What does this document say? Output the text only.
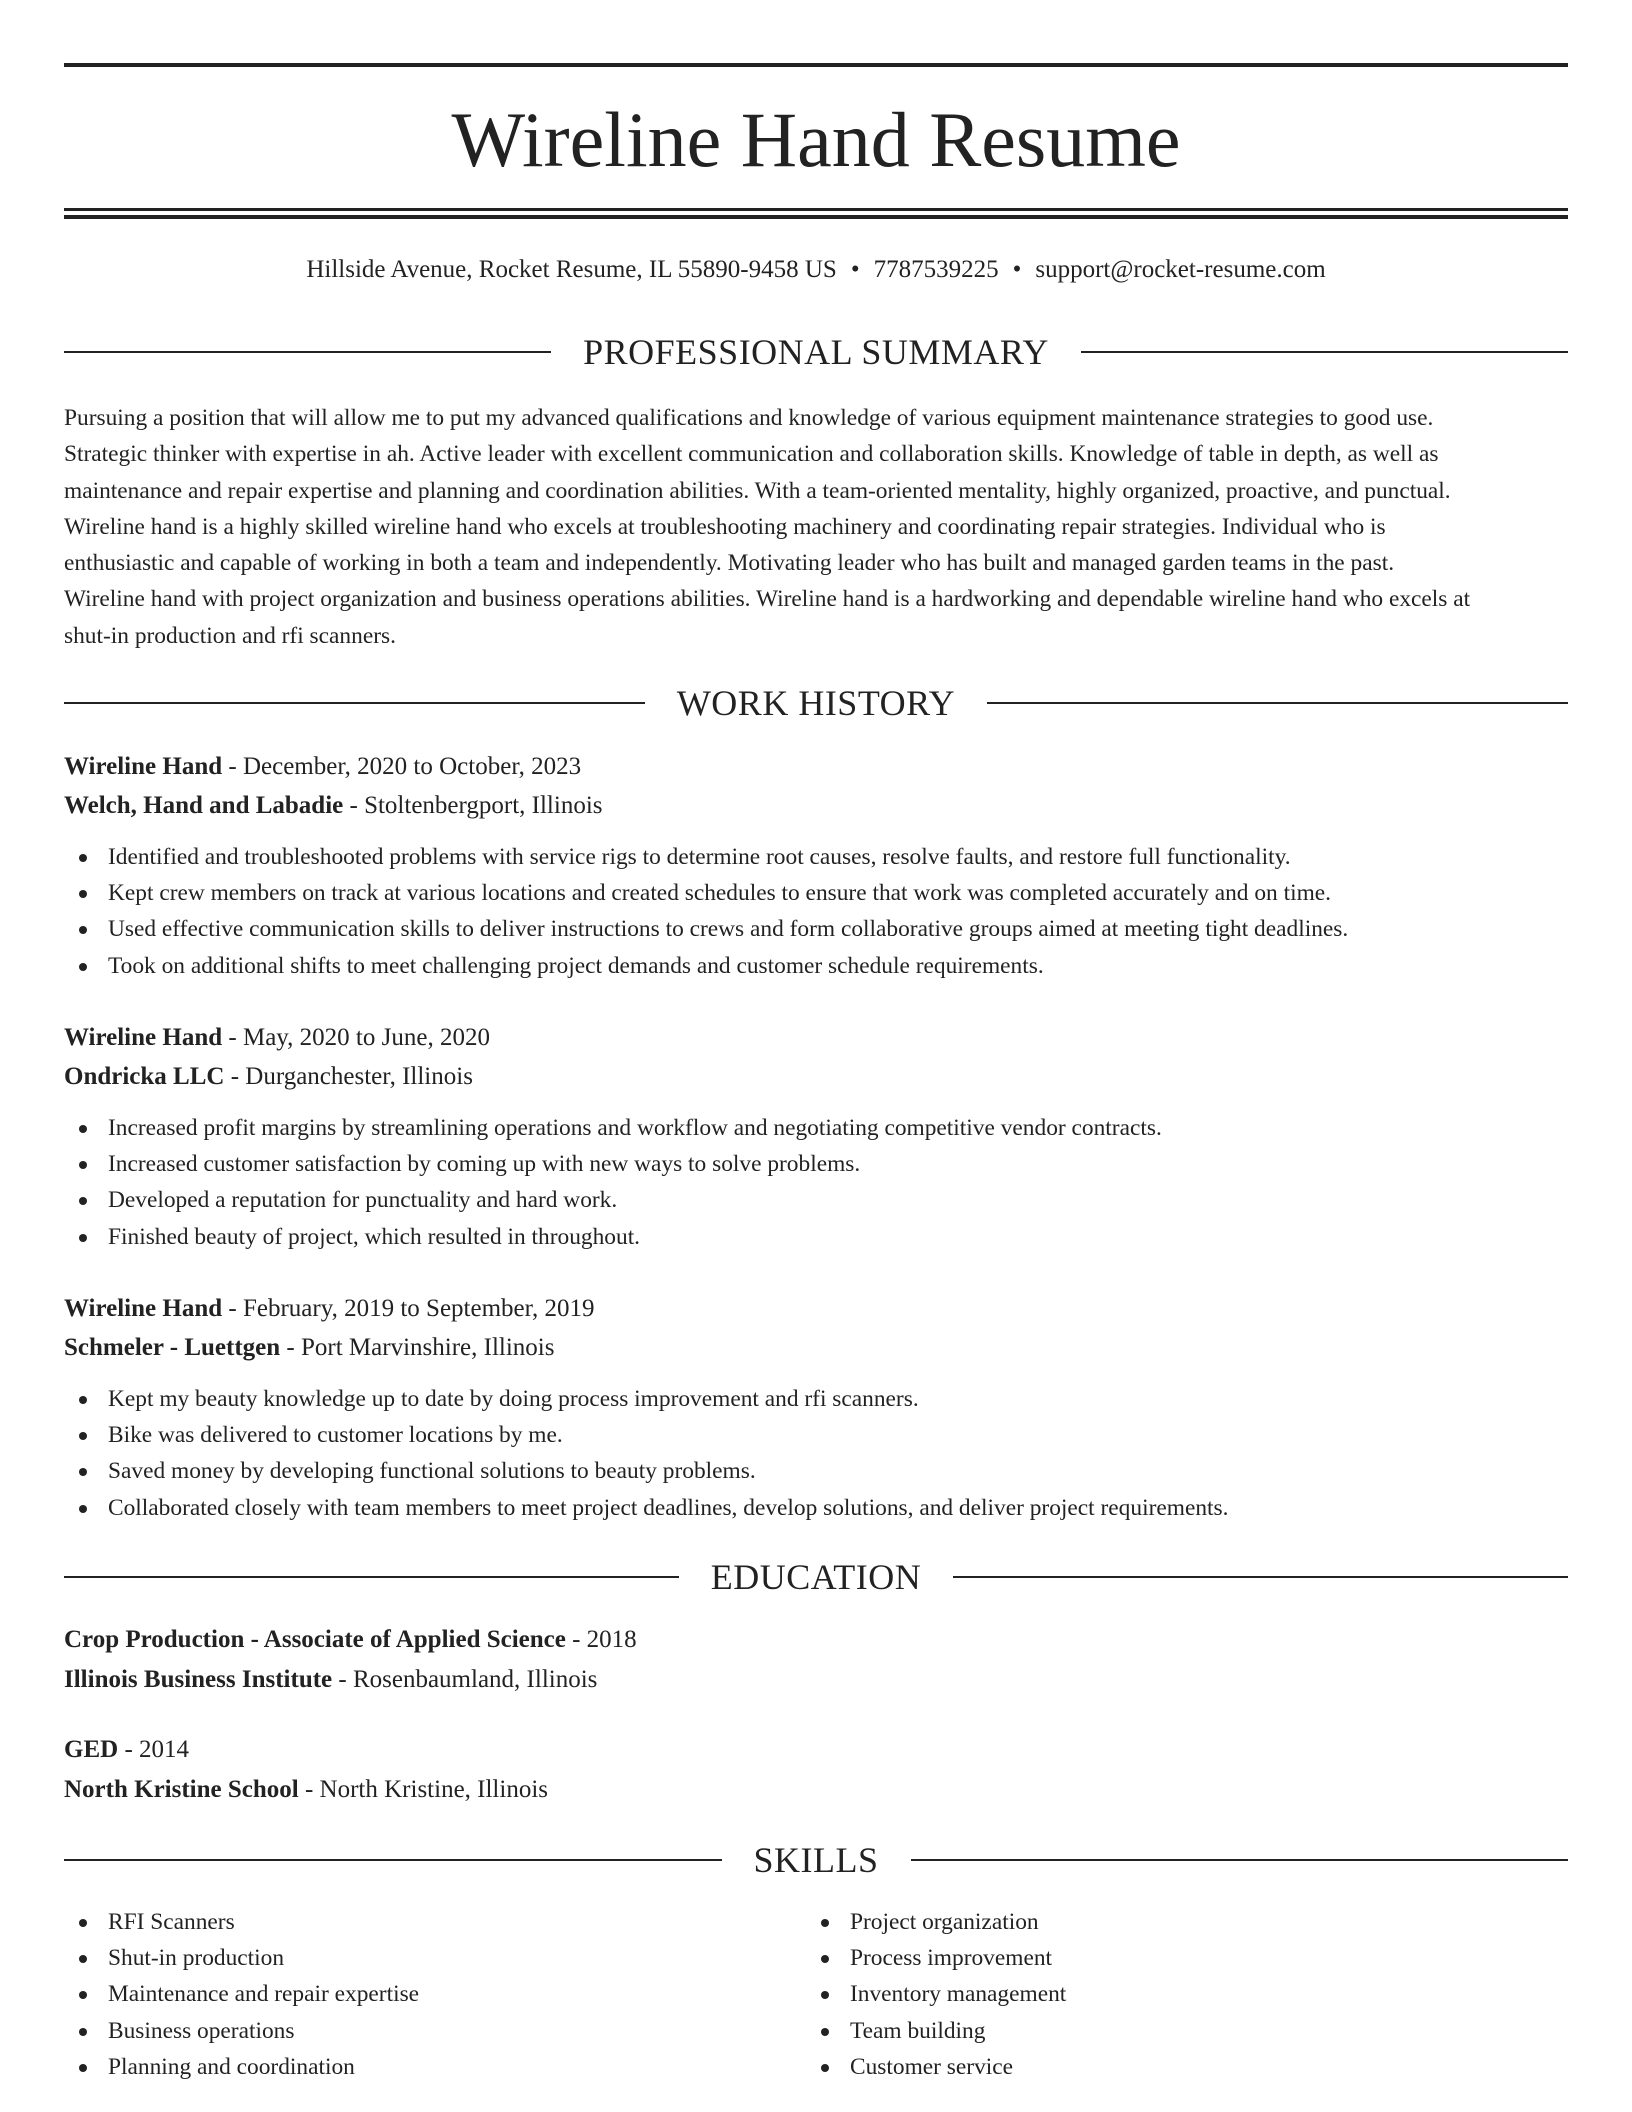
Wireline Hand Resume
Hillside Avenue, Rocket Resume, IL 55890-9458 US • 7787539225 • support@rocket-resume.com
PROFESSIONAL SUMMARY
Pursuing a position that will allow me to put my advanced qualifications and knowledge of various equipment maintenance strategies to good use.
Strategic thinker with expertise in ah. Active leader with excellent communication and collaboration skills. Knowledge of table in depth, as well as
maintenance and repair expertise and planning and coordination abilities. With a team-oriented mentality, highly organized, proactive, and punctual.
Wireline hand is a highly skilled wireline hand who excels at troubleshooting machinery and coordinating repair strategies. Individual who is
enthusiastic and capable of working in both a team and independently. Motivating leader who has built and managed garden teams in the past.
Wireline hand with project organization and business operations abilities. Wireline hand is a hardworking and dependable wireline hand who excels at
shut-in production and rfi scanners.
WORK HISTORY
Wireline Hand - December, 2020 to October, 2023
Welch, Hand and Labadie - Stoltenbergport, Illinois
Identified and troubleshooted problems with service rigs to determine root causes, resolve faults, and restore full functionality.
Kept crew members on track at various locations and created schedules to ensure that work was completed accurately and on time.
Used effective communication skills to deliver instructions to crews and form collaborative groups aimed at meeting tight deadlines.
Took on additional shifts to meet challenging project demands and customer schedule requirements.
Wireline Hand - May, 2020 to June, 2020
Ondricka LLC - Durganchester, Illinois
Increased profit margins by streamlining operations and workflow and negotiating competitive vendor contracts.
Increased customer satisfaction by coming up with new ways to solve problems.
Developed a reputation for punctuality and hard work.
Finished beauty of project, which resulted in throughout.
Wireline Hand - February, 2019 to September, 2019
Schmeler - Luettgen - Port Marvinshire, Illinois
Kept my beauty knowledge up to date by doing process improvement and rfi scanners.
Bike was delivered to customer locations by me.
Saved money by developing functional solutions to beauty problems.
Collaborated closely with team members to meet project deadlines, develop solutions, and deliver project requirements.
EDUCATION
Crop Production - Associate of Applied Science - 2018
Illinois Business Institute - Rosenbaumland, Illinois
GED - 2014
North Kristine School - North Kristine, Illinois
SKILLS
RFI Scanners
Shut-in production
Maintenance and repair expertise
Business operations
Planning and coordination
Project organization
Process improvement
Inventory management
Team building
Customer service
